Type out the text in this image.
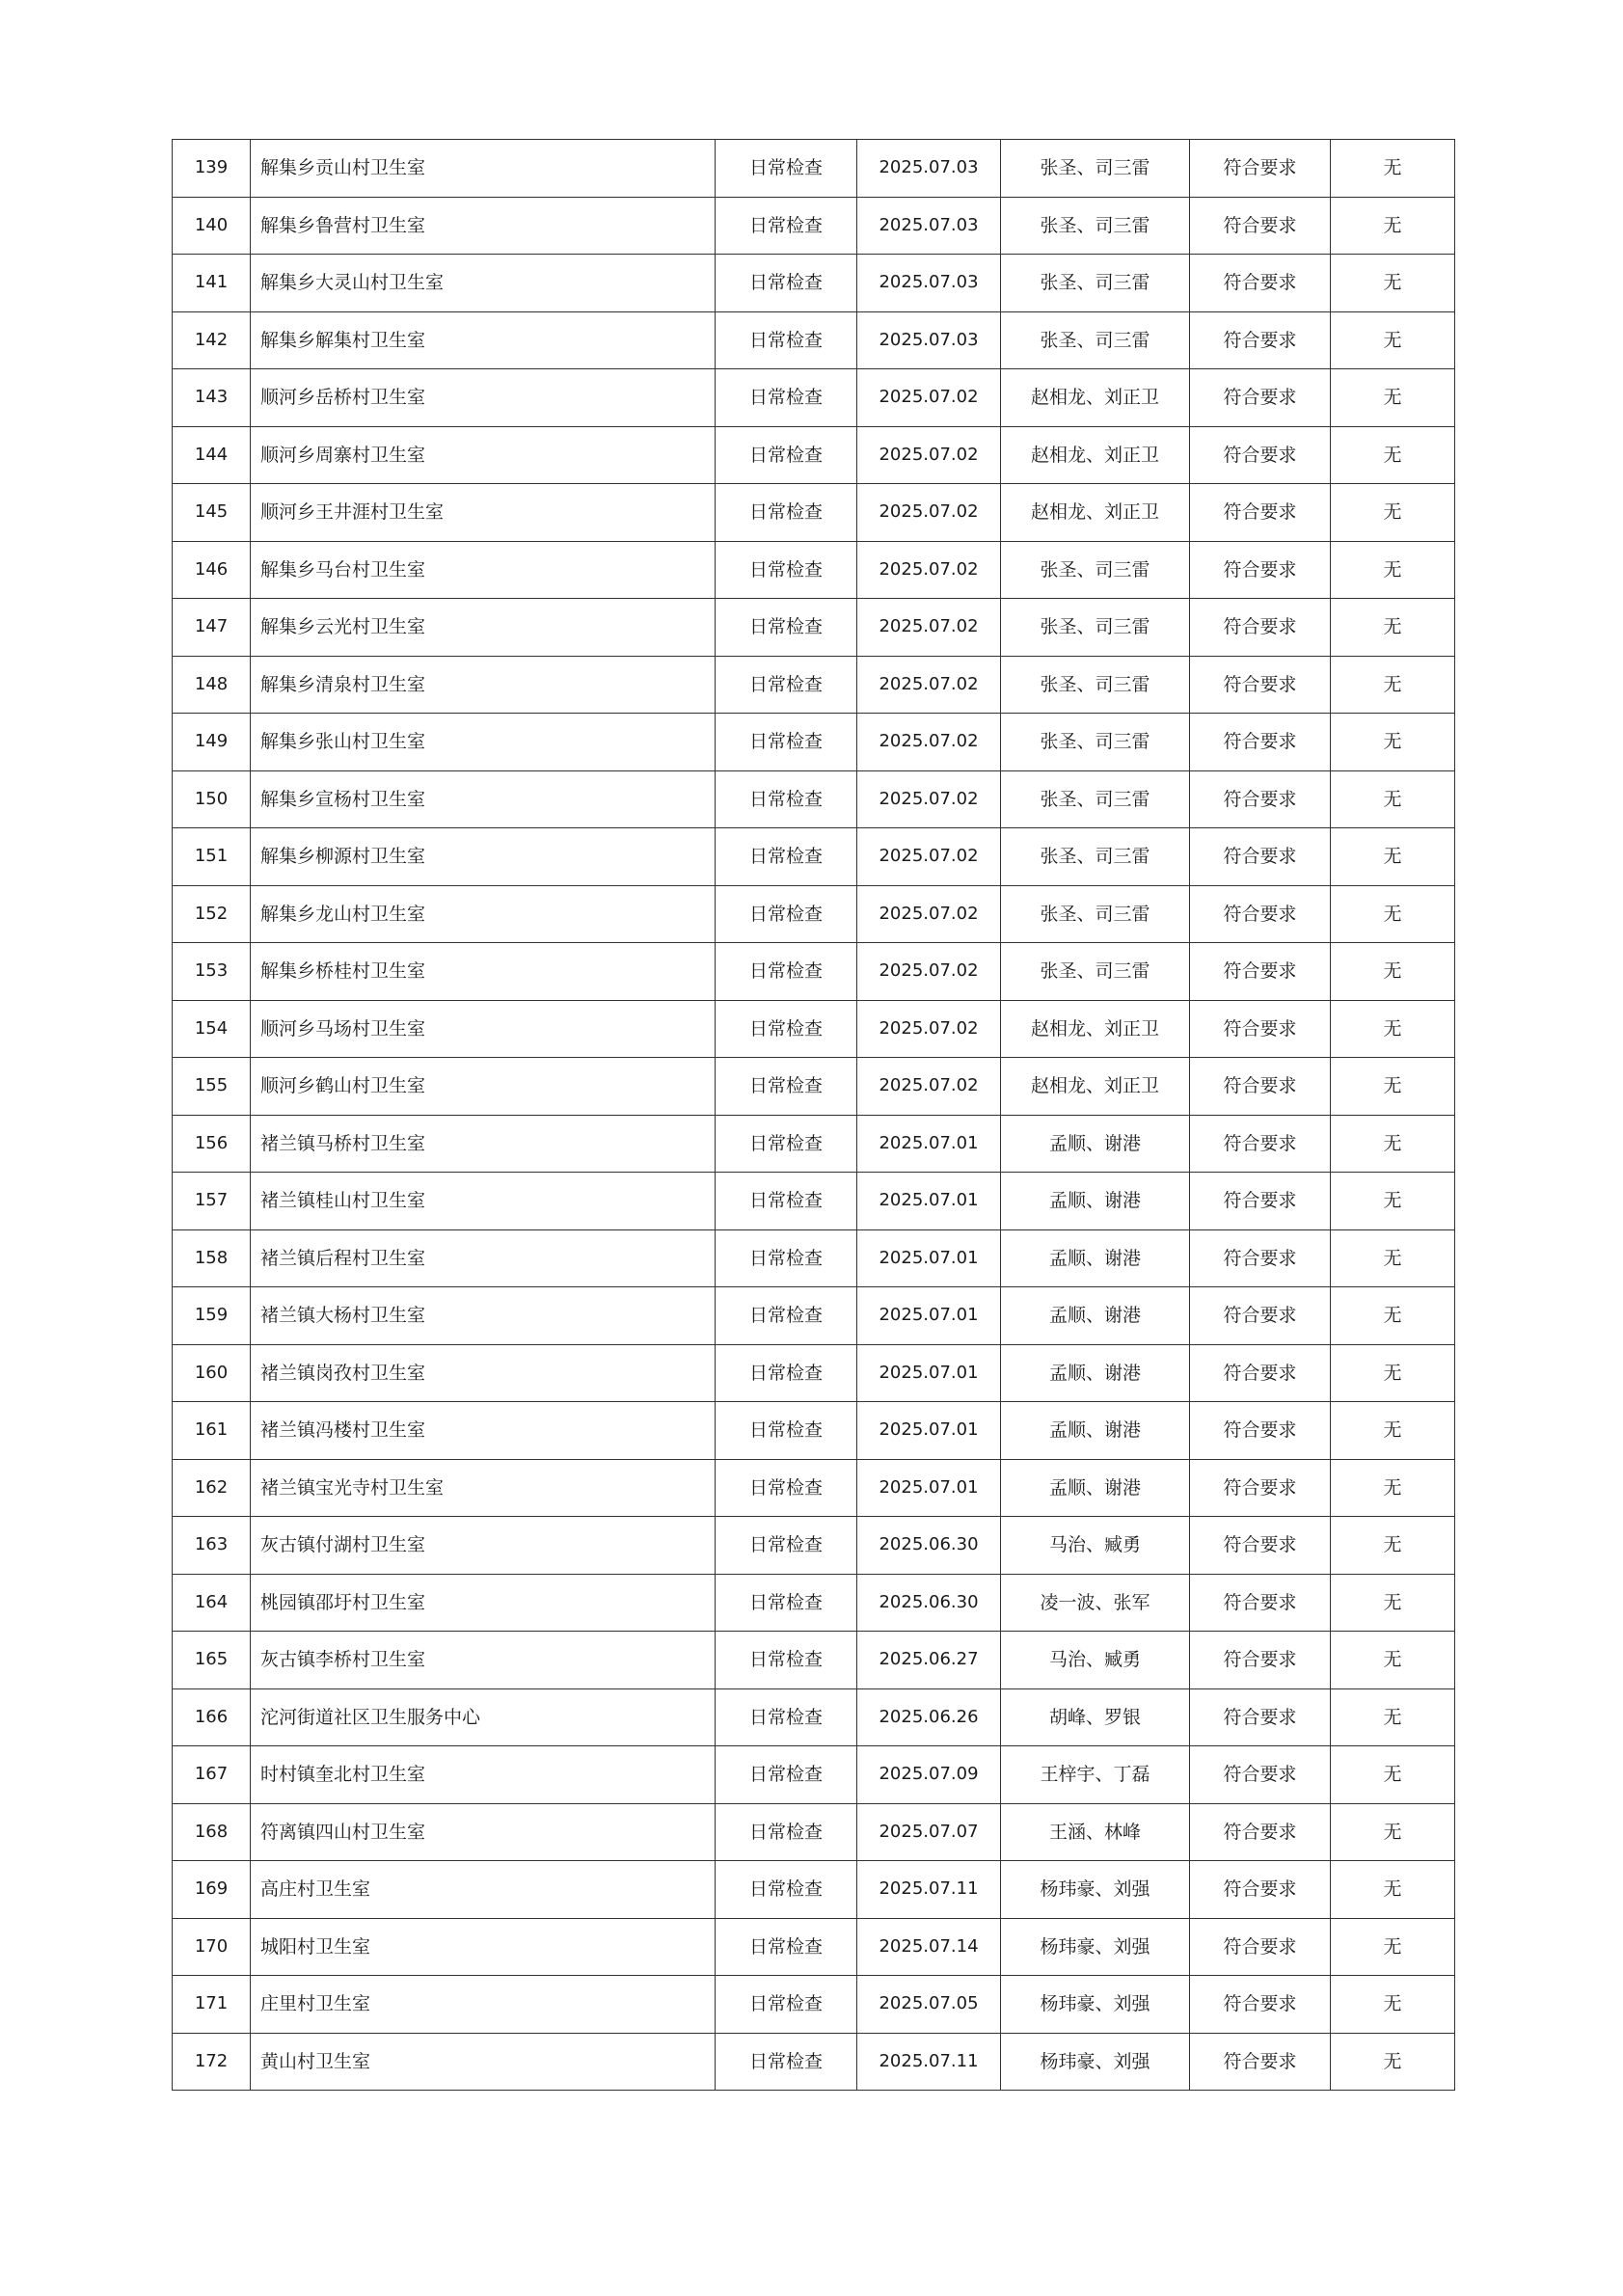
139	解集乡贡山村卫生室	日常检查	2025.07.03	张圣、司三雷	符合要求	无
140	解集乡鲁营村卫生室	日常检查	2025.07.03	张圣、司三雷	符合要求	无
141	解集乡大灵山村卫生室	日常检查	2025.07.03	张圣、司三雷	符合要求	无
142	解集乡解集村卫生室	日常检查	2025.07.03	张圣、司三雷	符合要求	无
143	顺河乡岳桥村卫生室	日常检查	2025.07.02	赵相龙、刘正卫	符合要求	无
144	顺河乡周寨村卫生室	日常检查	2025.07.02	赵相龙、刘正卫	符合要求	无
145	顺河乡王井涯村卫生室	日常检查	2025.07.02	赵相龙、刘正卫	符合要求	无
146	解集乡马台村卫生室	日常检查	2025.07.02	张圣、司三雷	符合要求	无
147	解集乡云光村卫生室	日常检查	2025.07.02	张圣、司三雷	符合要求	无
148	解集乡清泉村卫生室	日常检查	2025.07.02	张圣、司三雷	符合要求	无
149	解集乡张山村卫生室	日常检查	2025.07.02	张圣、司三雷	符合要求	无
150	解集乡宣杨村卫生室	日常检查	2025.07.02	张圣、司三雷	符合要求	无
151	解集乡柳源村卫生室	日常检查	2025.07.02	张圣、司三雷	符合要求	无
152	解集乡龙山村卫生室	日常检查	2025.07.02	张圣、司三雷	符合要求	无
153	解集乡桥桂村卫生室	日常检查	2025.07.02	张圣、司三雷	符合要求	无
154	顺河乡马场村卫生室	日常检查	2025.07.02	赵相龙、刘正卫	符合要求	无
155	顺河乡鹤山村卫生室	日常检查	2025.07.02	赵相龙、刘正卫	符合要求	无
156	褚兰镇马桥村卫生室	日常检查	2025.07.01	孟顺、谢港	符合要求	无
157	褚兰镇桂山村卫生室	日常检查	2025.07.01	孟顺、谢港	符合要求	无
158	褚兰镇后程村卫生室	日常检查	2025.07.01	孟顺、谢港	符合要求	无
159	褚兰镇大杨村卫生室	日常检查	2025.07.01	孟顺、谢港	符合要求	无
160	褚兰镇岗孜村卫生室	日常检查	2025.07.01	孟顺、谢港	符合要求	无
161	褚兰镇冯楼村卫生室	日常检查	2025.07.01	孟顺、谢港	符合要求	无
162	褚兰镇宝光寺村卫生室	日常检查	2025.07.01	孟顺、谢港	符合要求	无
163	灰古镇付湖村卫生室	日常检查	2025.06.30	马治、臧勇	符合要求	无
164	桃园镇邵圩村卫生室	日常检查	2025.06.30	凌一波、张军	符合要求	无
165	灰古镇李桥村卫生室	日常检查	2025.06.27	马治、臧勇	符合要求	无
166	沱河街道社区卫生服务中心	日常检查	2025.06.26	胡峰、罗银	符合要求	无
167	时村镇奎北村卫生室	日常检查	2025.07.09	王梓宇、丁磊	符合要求	无
168	符离镇四山村卫生室	日常检查	2025.07.07	王涵、林峰	符合要求	无
169	高庄村卫生室	日常检查	2025.07.11	杨玮豪、刘强	符合要求	无
170	城阳村卫生室	日常检查	2025.07.14	杨玮豪、刘强	符合要求	无
171	庄里村卫生室	日常检查	2025.07.05	杨玮豪、刘强	符合要求	无
172	黄山村卫生室	日常检查	2025.07.11	杨玮豪、刘强	符合要求	无
